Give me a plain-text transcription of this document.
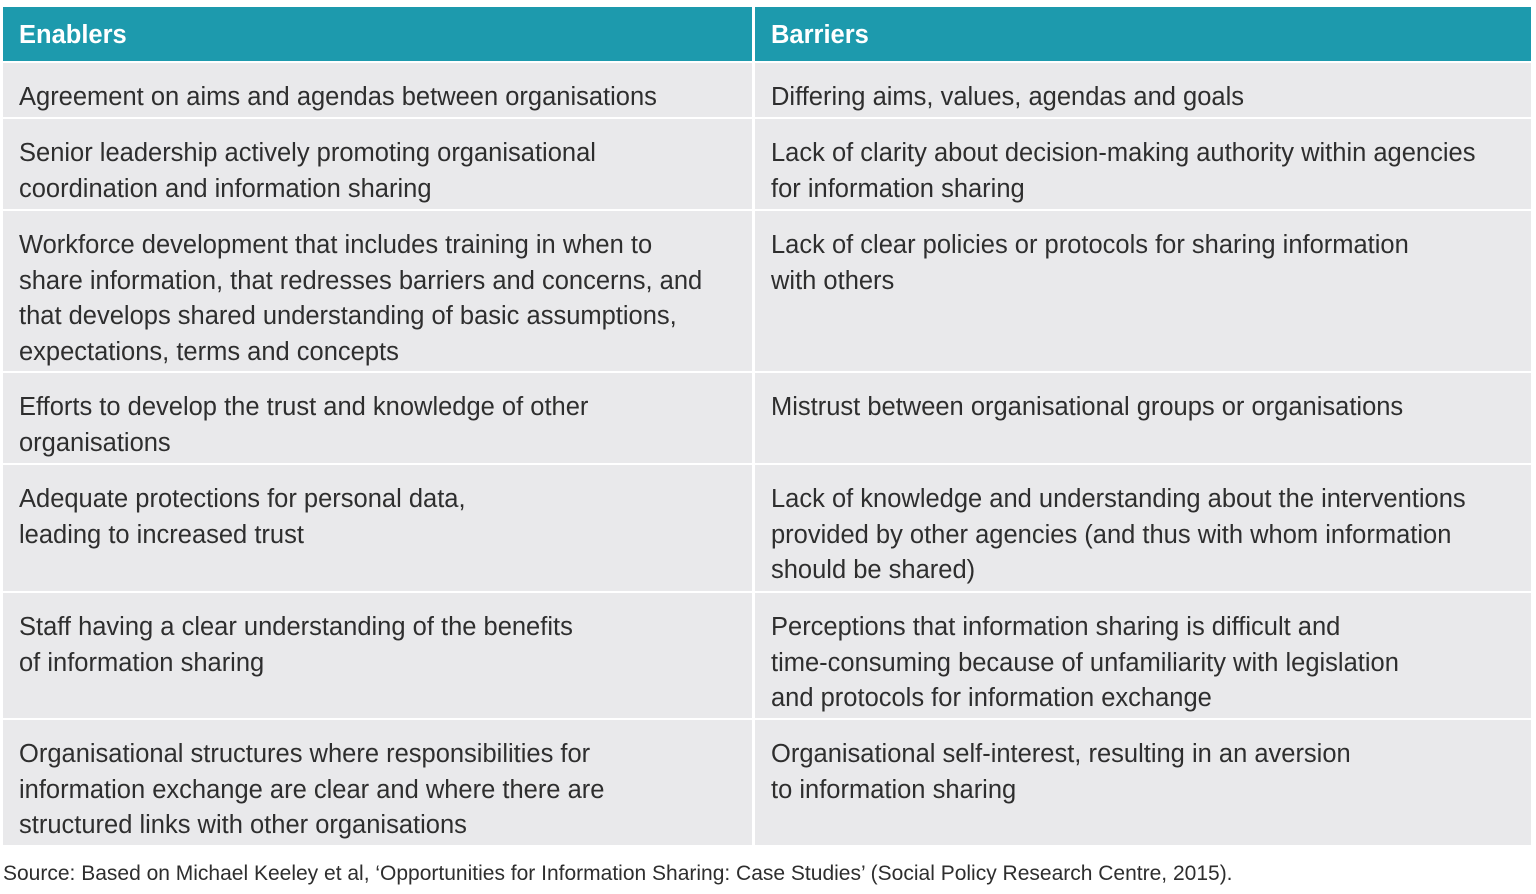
Enablers	Barriers
Agreement on aims and agendas between organisations	Differing aims, values, agendas and goals
Senior leadership actively promoting organisational
coordination and information sharing
Lack of clarity about decision-making authority within agencies
for information sharing
Workforce development that includes training in when to
share information, that redresses barriers and concerns, and
that develops shared understanding of basic assumptions,
expectations, terms and concepts
Lack of clear policies or protocols for sharing information
with others
Efforts to develop the trust and knowledge of other
organisations
Mistrust between organisational groups or organisations
Adequate protections for personal data,
leading to increased trust
Lack of knowledge and understanding about the interventions
provided by other agencies (and thus with whom information
should be shared)
Staff having a clear understanding of the benefits
of information sharing
Perceptions that information sharing is difficult and
time-consuming because of unfamiliarity with legislation
and protocols for information exchange
Organisational structures where responsibilities for
information exchange are clear and where there are
structured links with other organisations
Organisational self-interest, resulting in an aversion
to information sharing
Source: Based on Michael Keeley et al, ‘Opportunities for Information Sharing: Case Studies’ (Social Policy Research Centre, 2015).
